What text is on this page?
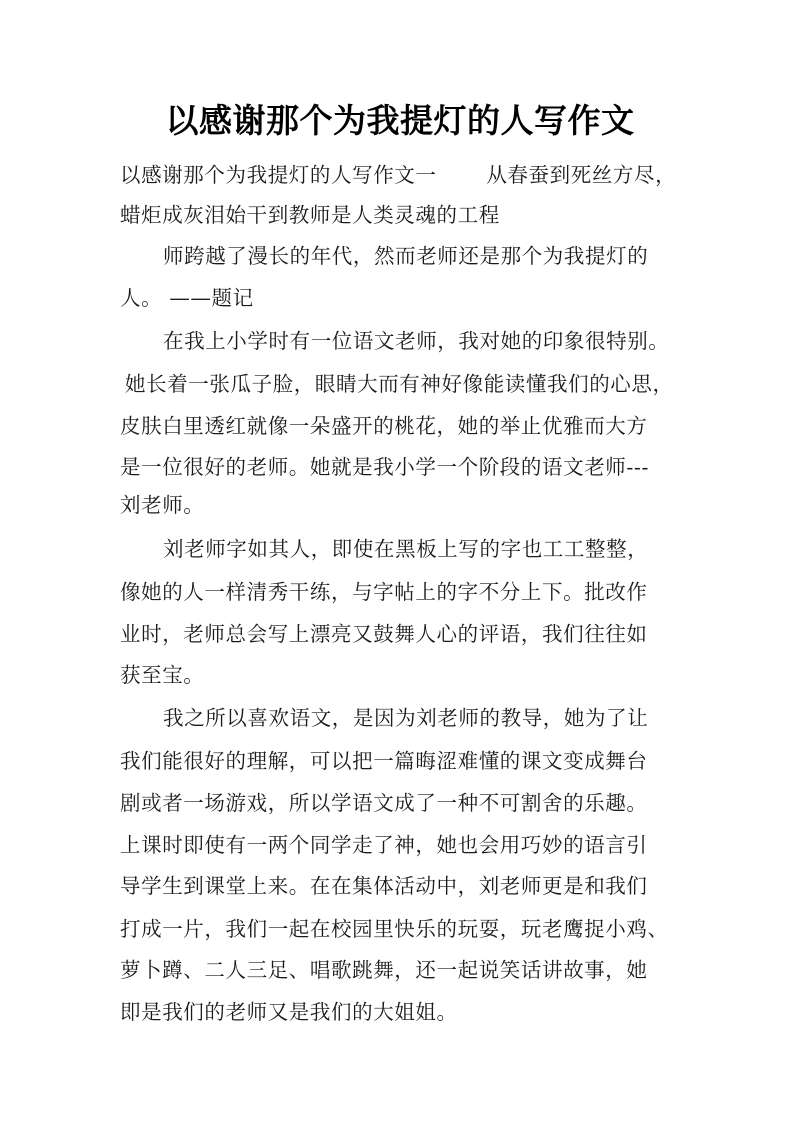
以感谢那个为我提灯的人写作文
以感谢那个为我提灯的人写作文一       从春蚕到死丝方尽，
蜡炬成灰泪始干到教师是人类灵魂的工程
师跨越了漫长的年代，然而老师还是那个为我提灯的
人。 ——题记
在我上小学时有一位语文老师，我对她的印象很特别。
她长着一张瓜子脸，眼睛大而有神好像能读懂我们的心思，
皮肤白里透红就像一朵盛开的桃花，她的举止优雅而大方
是一位很好的老师。她就是我小学一个阶段的语文老师---
刘老师。
刘老师字如其人，即使在黑板上写的字也工工整整，
像她的人一样清秀干练，与字帖上的字不分上下。批改作
业时，老师总会写上漂亮又鼓舞人心的评语，我们往往如
获至宝。
我之所以喜欢语文，是因为刘老师的教导，她为了让
我们能很好的理解，可以把一篇晦涩难懂的课文变成舞台
剧或者一场游戏，所以学语文成了一种不可割舍的乐趣。
上课时即使有一两个同学走了神，她也会用巧妙的语言引
导学生到课堂上来。在在集体活动中，刘老师更是和我们
打成一片，我们一起在校园里快乐的玩耍，玩老鹰捉小鸡、
萝卜蹲、二人三足、唱歌跳舞，还一起说笑话讲故事，她
即是我们的老师又是我们的大姐姐。
